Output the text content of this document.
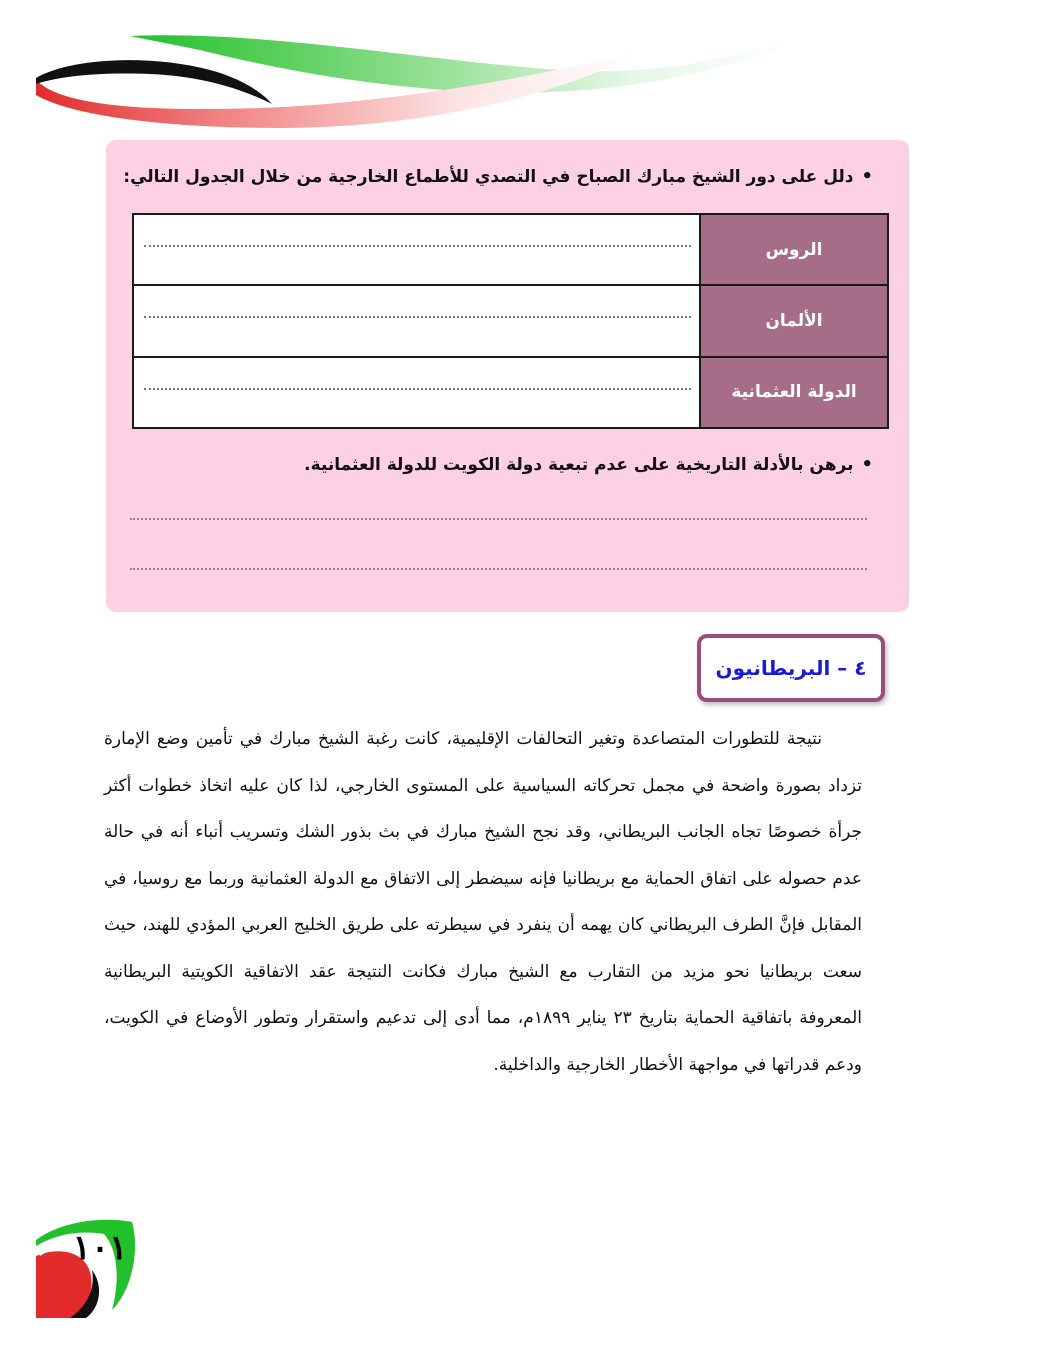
•دلل على دور الشيخ مبارك الصباح في التصدي للأطماع الخارجية من خلال الجدول التالي:
الروس	

الألمان	

الدولة العثمانية	
•برهن بالأدلة التاريخية على عدم تبعية دولة الكويت للدولة العثمانية.
٤ – البريطانيون

نتيجة للتطورات المتصاعدة وتغير التحالفات الإقليمية، كانت رغبة الشيخ مبارك في تأمين وضع الإمارة تزداد بصورة واضحة في مجمل تحركاته السياسية على المستوى الخارجي، لذا كان عليه اتخاذ خطوات أكثر جرأة خصوصًا تجاه الجانب البريطاني، وقد نجح الشيخ مبارك في بث بذور الشك وتسريب أنباء أنه في حالة عدم حصوله على اتفاق الحماية مع بريطانيا فإنه سيضطر إلى الاتفاق مع الدولة العثمانية وربما مع روسيا، في المقابل فإنَّ الطرف البريطاني كان يهمه أن ينفرد في سيطرته على طريق الخليج العربي المؤدي للهند، حيث سعت بريطانيا نحو مزيد من التقارب مع الشيخ مبارك فكانت النتيجة عقد الاتفاقية الكويتية البريطانية المعروفة باتفاقية الحماية بتاريخ ٢٣ يناير ١٨٩٩م، مما أدى إلى تدعيم واستقرار وتطور الأوضاع في الكويت، ودعم قدراتها في مواجهة الأخطار الخارجية والداخلية.

١٠١
